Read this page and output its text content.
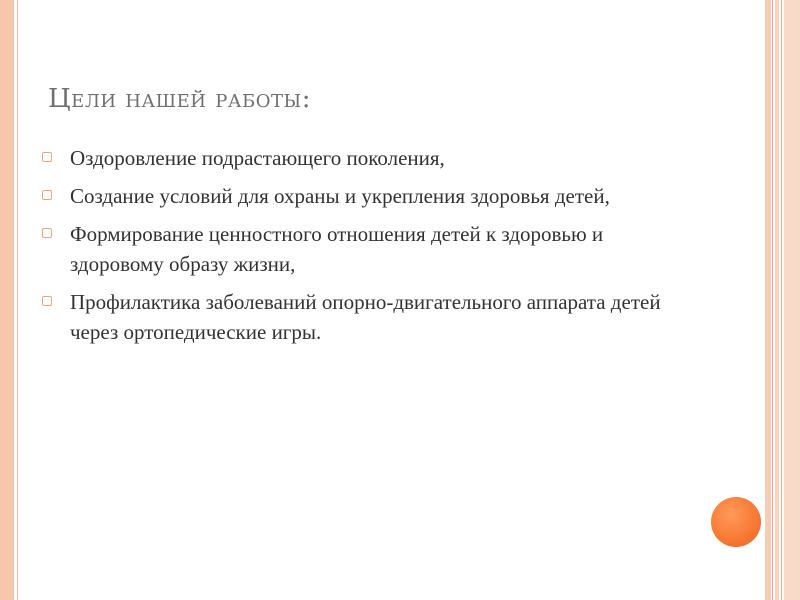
Цели нашей работы:
Оздоровление подрастающего поколения,
Создание условий для охраны и укрепления здоровья детей,
Формирование ценностного отношения детей к здоровью и здоровому образу жизни,
Профилактика заболеваний опорно-двигательного аппарата детей через ортопедические игры.
